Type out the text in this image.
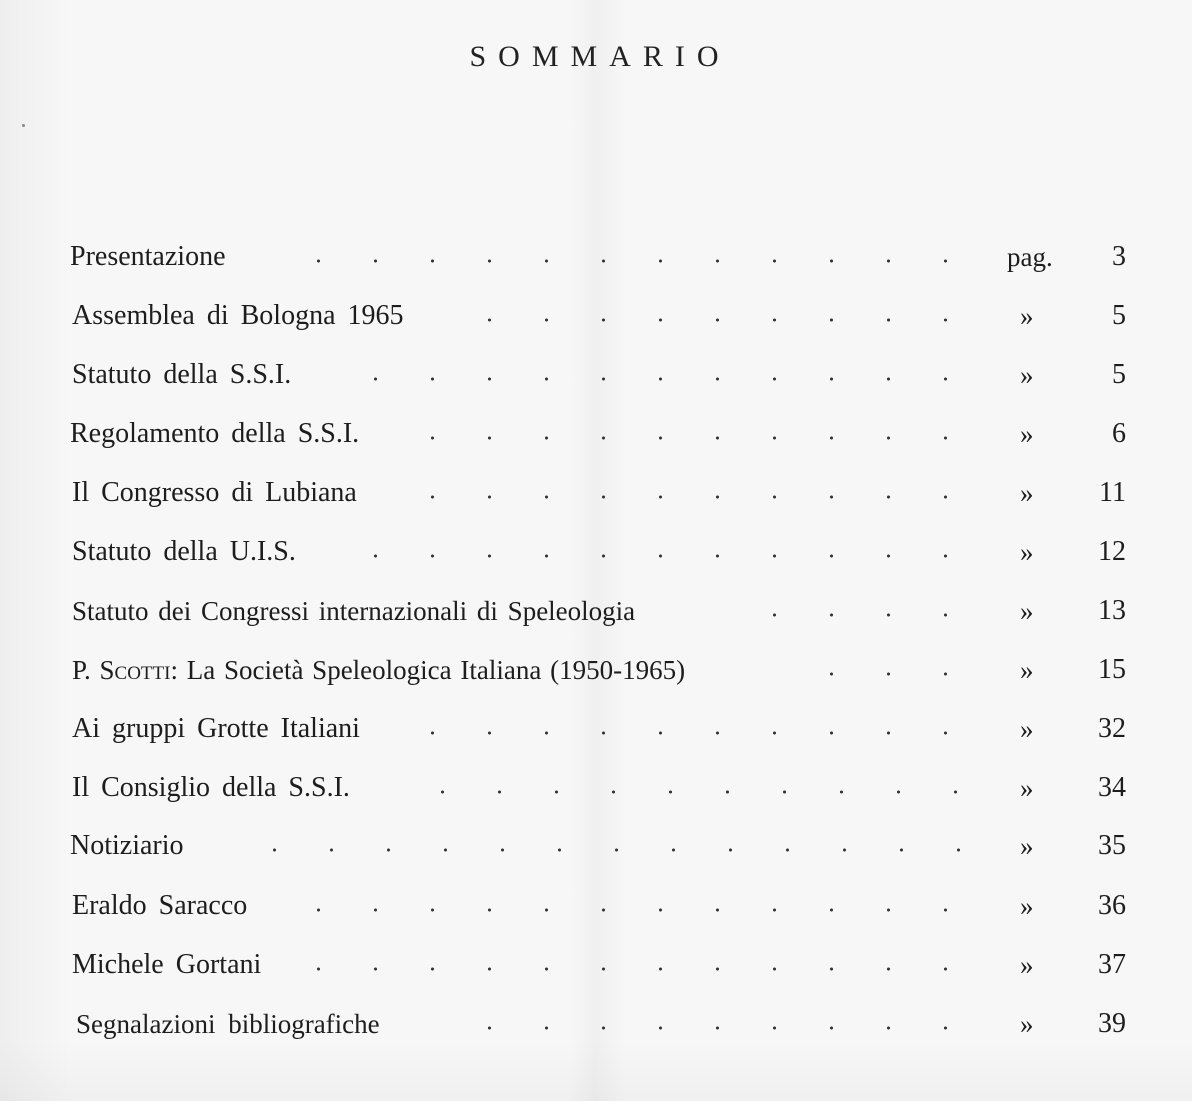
SOMMARIO
Presentazione	pag. 3
Assemblea di Bologna 1965	»	5
Statuto della S.S.I.	»	5
Regolamento della S.S.I.	»	6
Il Congresso di Lubiana	» 11
Statuto della U.I.S.	» 12
Statuto dei Congressi internazionali di Speleologia	» 13
P. Scotti: La Società Speleologica Italiana (1950-1965)	» 15
Ai gruppi Grotte Italiani	» 32
Il Consiglio della S.S.I.	» 34
Notiziario	» 35
Eraldo Saracco	» 36
Michele Gortani	» 37
Segnalazioni bibliografiche	» 39
